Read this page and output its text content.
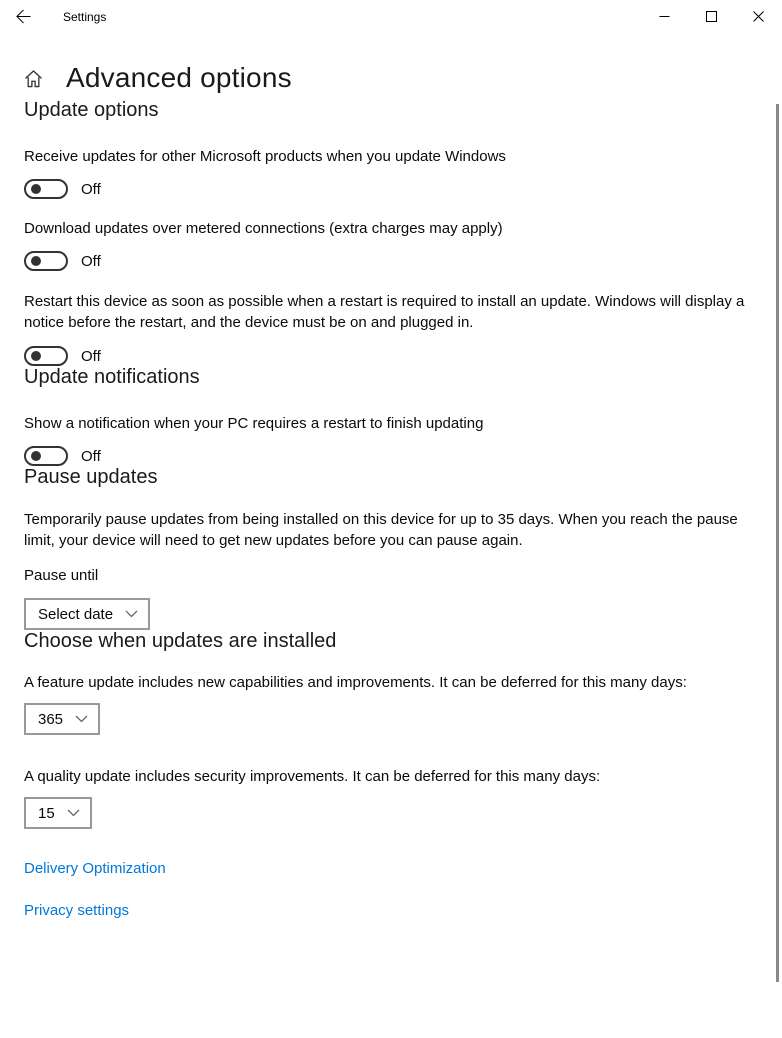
Settings
Advanced options
Update options
Receive updates for other Microsoft products when you update Windows
Off
Download updates over metered connections (extra charges may apply)
Off
Restart this device as soon as possible when a restart is required to install an update. Windows will display a notice before the restart, and the device must be on and plugged in.
Off
Update notifications
Show a notification when your PC requires a restart to finish updating
Off
Pause updates
Temporarily pause updates from being installed on this device for up to 35 days. When you reach the pause limit, your device will need to get new updates before you can pause again.
Pause until
Select date
Choose when updates are installed
A feature update includes new capabilities and improvements. It can be deferred for this many days:
365
A quality update includes security improvements. It can be deferred for this many days:
15
Delivery Optimization
Privacy settings
